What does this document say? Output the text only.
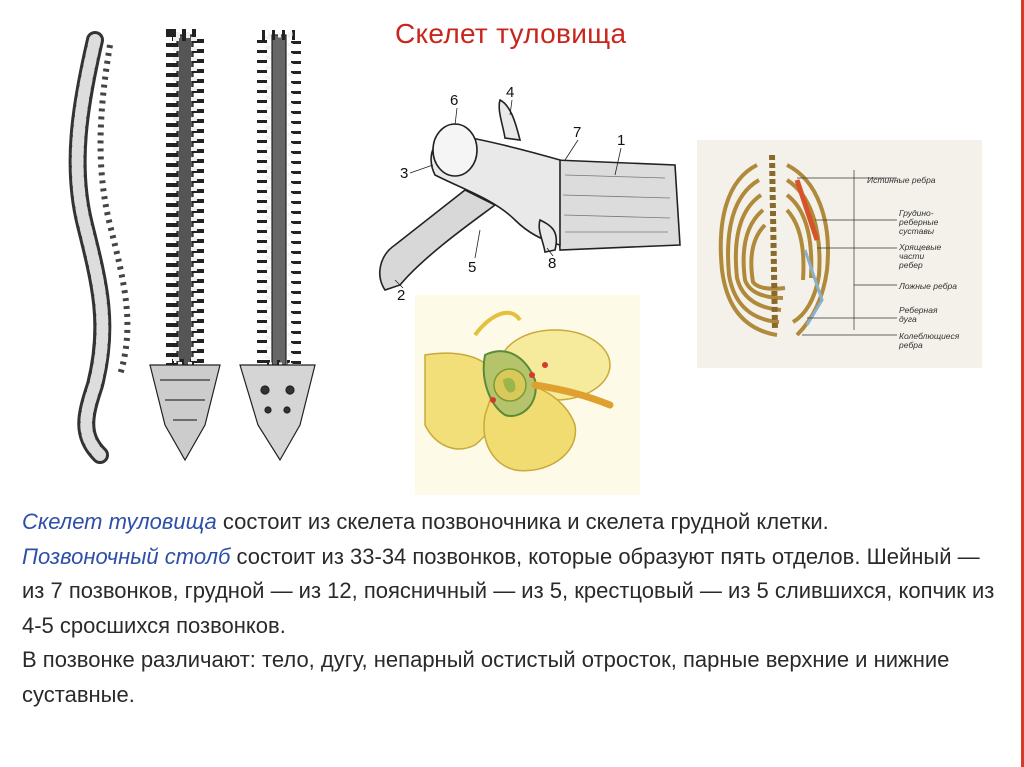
Скелет туловища
1
2
3
4
5
6
7
8
Истинные ребра
Грудино-
реберные
суставы
Хрящевые
части
ребер
Ложные ребра
Реберная
дуга
Колеблющиеся
ребра

Скелет туловища состоит из скелета позвоночника и скелета грудной клетки.

Позвоночный столб состоит из 33-34 позвонков, которые образуют пять отделов. Шейный — из 7 позвонков, грудной — из 12, поясничный — из 5, крестцовый — из 5 слившихся, копчик из 4-5 сросшихся позвонков.

В позвонке различают: тело, дугу, непарный остистый отросток, парные верхние и нижние суставные.
